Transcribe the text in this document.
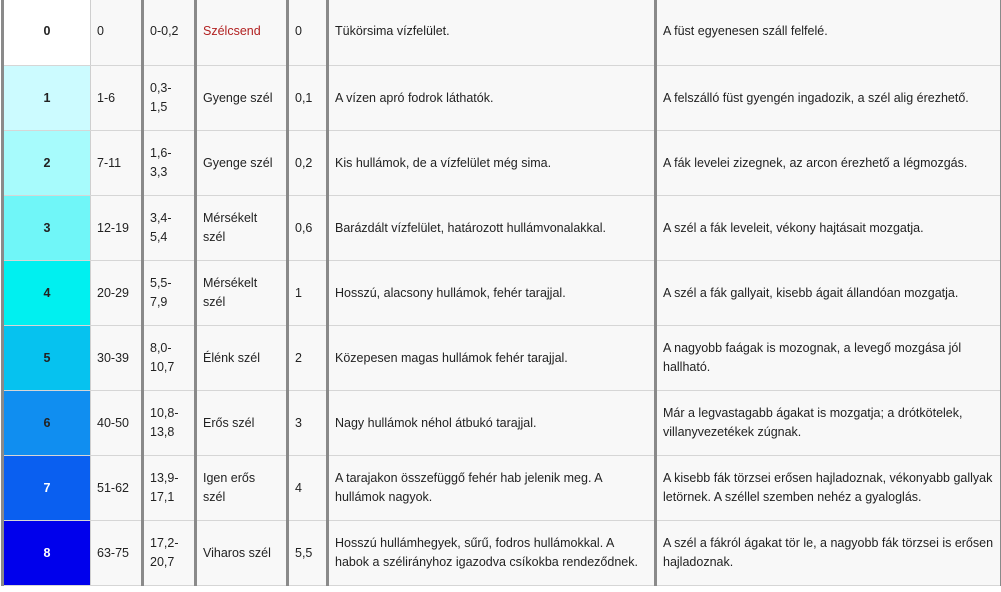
0	0	0-0,2	Szélcsend	0	Tükörsima vízfelület.	A füst egyenesen száll felfelé.
1	1-6	0,3-1,5	Gyenge szél	0,1	A vízen apró fodrok láthatók.	A felszálló füst gyengén ingadozik, a szél alig érezhető.
2	7-11	1,6-3,3	Gyenge szél	0,2	Kis hullámok, de a vízfelület még sima.	A fák levelei zizegnek, az arcon érezhető a légmozgás.
3	12-19	3,4-5,4	Mérsékelt szél	0,6	Barázdált vízfelület, határozott hullámvonalakkal.	A szél a fák leveleit, vékony hajtásait mozgatja.
4	20-29	5,5-7,9	Mérsékelt szél	1	Hosszú, alacsony hullámok, fehér tarajjal.	A szél a fák gallyait, kisebb ágait állandóan mozgatja.
5	30-39	8,0-10,7	Élénk szél	2	Közepesen magas hullámok fehér tarajjal.	A nagyobb faágak is mozognak, a levegő mozgása jól hallható.
6	40-50	10,8-13,8	Erős szél	3	Nagy hullámok néhol átbukó tarajjal.	Már a legvastagabb ágakat is mozgatja; a drótkötelek, villanyvezetékek zúgnak.
7	51-62	13,9-17,1	Igen erős szél	4	A tarajakon összefüggő fehér hab jelenik meg. A hullámok nagyok.	A kisebb fák törzsei erősen hajladoznak, vékonyabb gallyak letörnek. A széllel szemben nehéz a gyaloglás.
8	63-75	17,2-20,7	Viharos szél	5,5	Hosszú hullámhegyek, sűrű, fodros hullámokkal. A habok a szélirányhoz igazodva csíkokba rendeződnek.	A szél a fákról ágakat tör le, a nagyobb fák törzsei is erősen hajladoznak.
